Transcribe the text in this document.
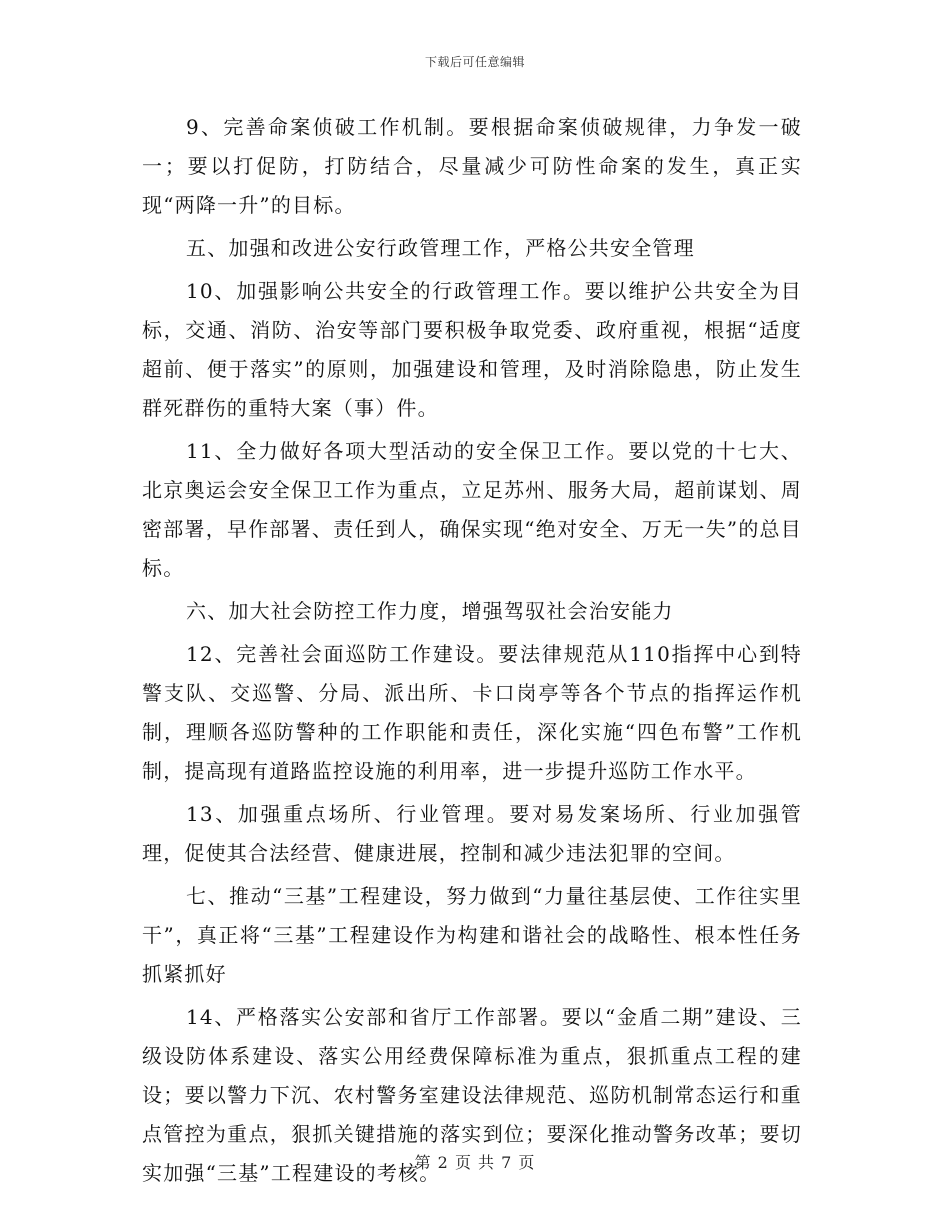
下载后可任意编辑

9、完善命案侦破工作机制。要根据命案侦破规律，力争发一破一；要以打促防，打防结合，尽量减少可防性命案的发生，真正实现“两降一升”的目标。

五、加强和改进公安行政管理工作，严格公共安全管理

10、加强影响公共安全的行政管理工作。要以维护公共安全为目标，交通、消防、治安等部门要积极争取党委、政府重视，根据“适度超前、便于落实”的原则，加强建设和管理，及时消除隐患，防止发生群死群伤的重特大案（事）件。

11、全力做好各项大型活动的安全保卫工作。要以党的十七大、北京奥运会安全保卫工作为重点，立足苏州、服务大局，超前谋划、周密部署，早作部署、责任到人，确保实现“绝对安全、万无一失”的总目标。

六、加大社会防控工作力度，增强驾驭社会治安能力

12、完善社会面巡防工作建设。要法律规范从110指挥中心到特警支队、交巡警、分局、派出所、卡口岗亭等各个节点的指挥运作机制，理顺各巡防警种的工作职能和责任，深化实施“四色布警”工作机制，提高现有道路监控设施的利用率，进一步提升巡防工作水平。

13、加强重点场所、行业管理。要对易发案场所、行业加强管理，促使其合法经营、健康进展，控制和减少违法犯罪的空间。

七、推动“三基”工程建设，努力做到“力量往基层使、工作往实里干”，真正将“三基”工程建设作为构建和谐社会的战略性、根本性任务抓紧抓好

14、严格落实公安部和省厅工作部署。要以“金盾二期”建设、三级设防体系建设、落实公用经费保障标准为重点，狠抓重点工程的建设；要以警力下沉、农村警务室建设法律规范、巡防机制常态运行和重点管控为重点，狠抓关键措施的落实到位；要深化推动警务改革；要切实加强“三基”工程建设的考核。

第 2 页 共 7 页
